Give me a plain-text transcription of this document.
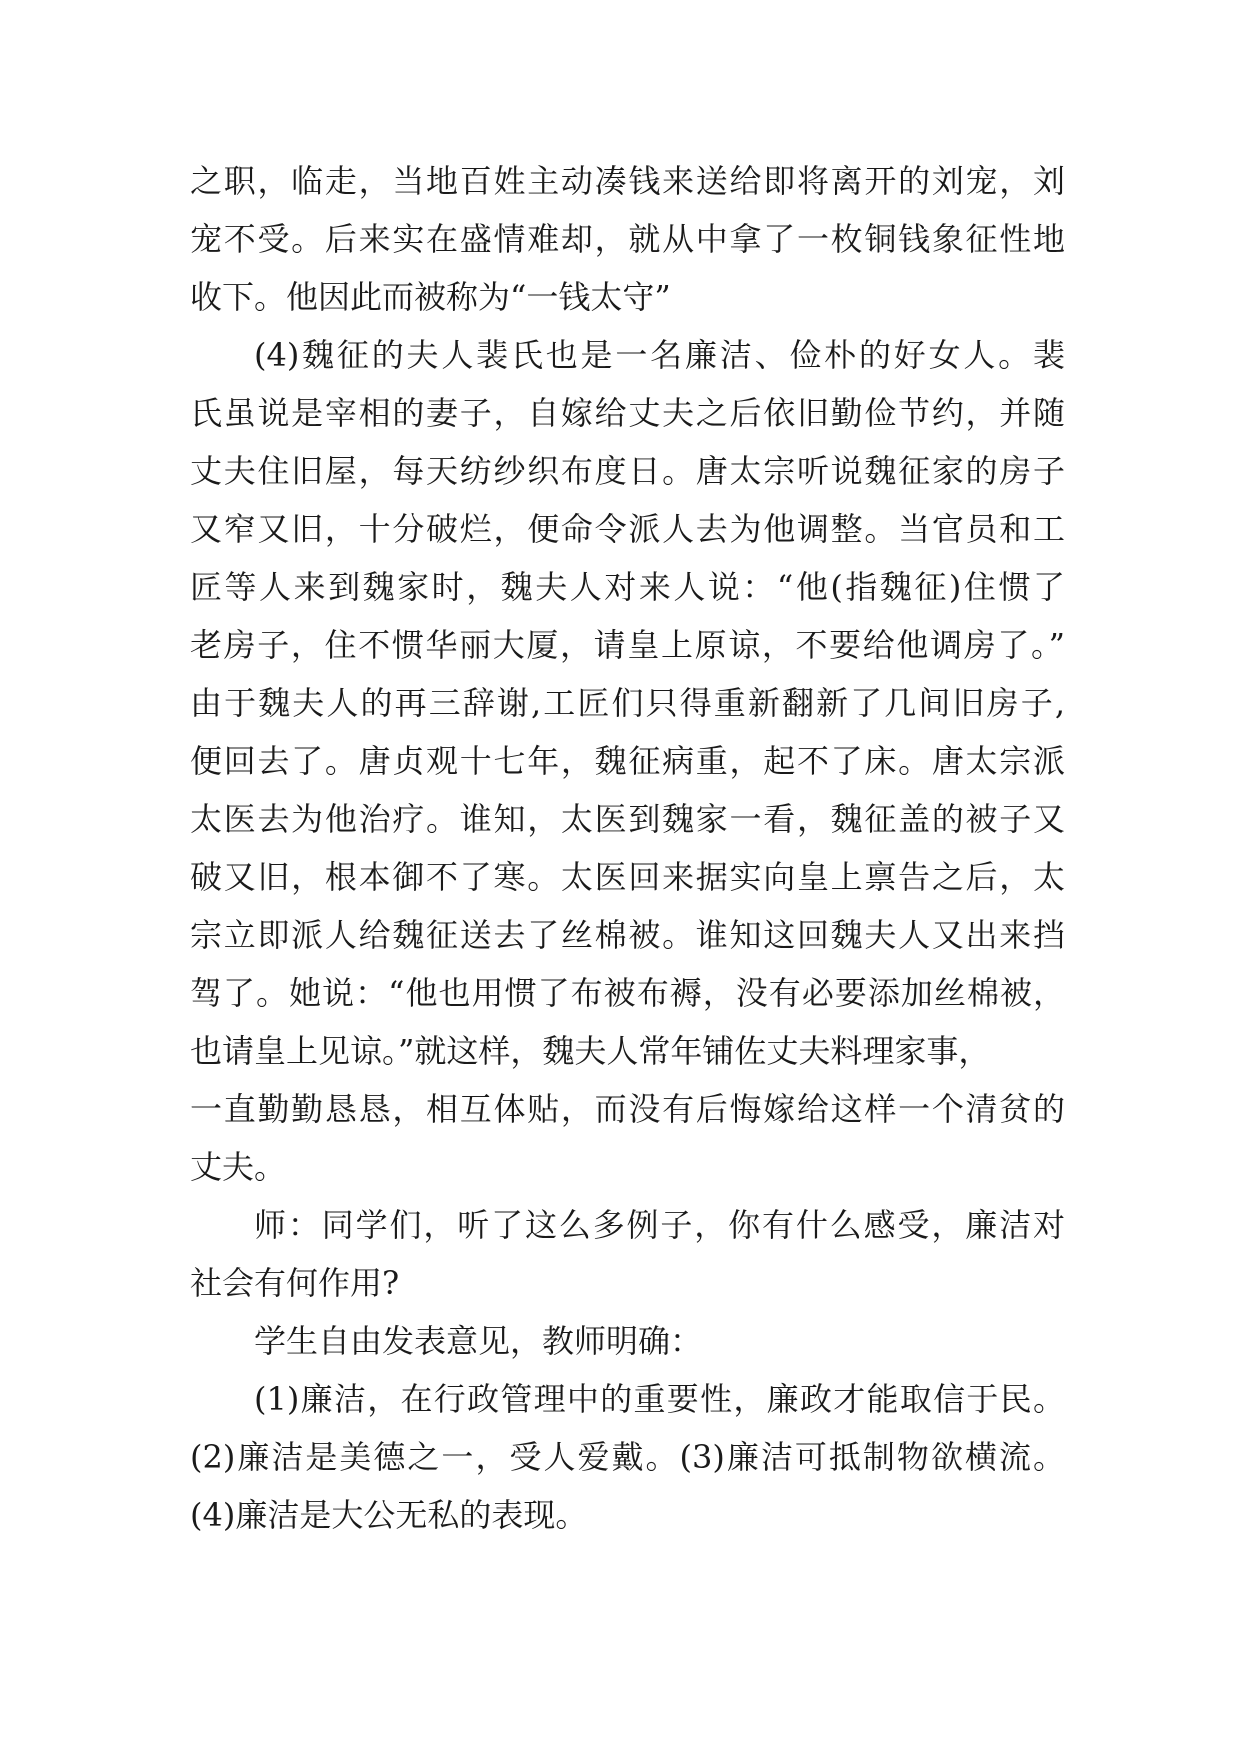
之职，临走，当地百姓主动凑钱来送给即将离开的刘宠，刘
宠不受。后来实在盛情难却，就从中拿了一枚铜钱象征性地
收下。他因此而被称为“一钱太守”
(4)魏征的夫人裴氏也是一名廉洁、俭朴的好女人。裴
氏虽说是宰相的妻子，自嫁给丈夫之后依旧勤俭节约，并随
丈夫住旧屋，每天纺纱织布度日。唐太宗听说魏征家的房子
又窄又旧，十分破烂，便命令派人去为他调整。当官员和工
匠等人来到魏家时，魏夫人对来人说：“他(指魏征)住惯了
老房子，住不惯华丽大厦，请皇上原谅，不要给他调房了。”
由于魏夫人的再三辞谢,工匠们只得重新翻新了几间旧房子,
便回去了。唐贞观十七年，魏征病重，起不了床。唐太宗派
太医去为他治疗。谁知，太医到魏家一看，魏征盖的被子又
破又旧，根本御不了寒。太医回来据实向皇上禀告之后，太
宗立即派人给魏征送去了丝棉被。谁知这回魏夫人又出来挡
驾了。她说：“他也用惯了布被布褥，没有必要添加丝棉被，
也请皇上见谅。”就这样，魏夫人常年铺佐丈夫料理家事，
一直勤勤恳恳，相互体贴，而没有后悔嫁给这样一个清贫的
丈夫。
师：同学们，听了这么多例子，你有什么感受，廉洁对
社会有何作用?
学生自由发表意见，教师明确：
(1)廉洁，在行政管理中的重要性，廉政才能取信于民。
(2)廉洁是美德之一，受人爱戴。(3)廉洁可抵制物欲横流。
(4)廉洁是大公无私的表现。
